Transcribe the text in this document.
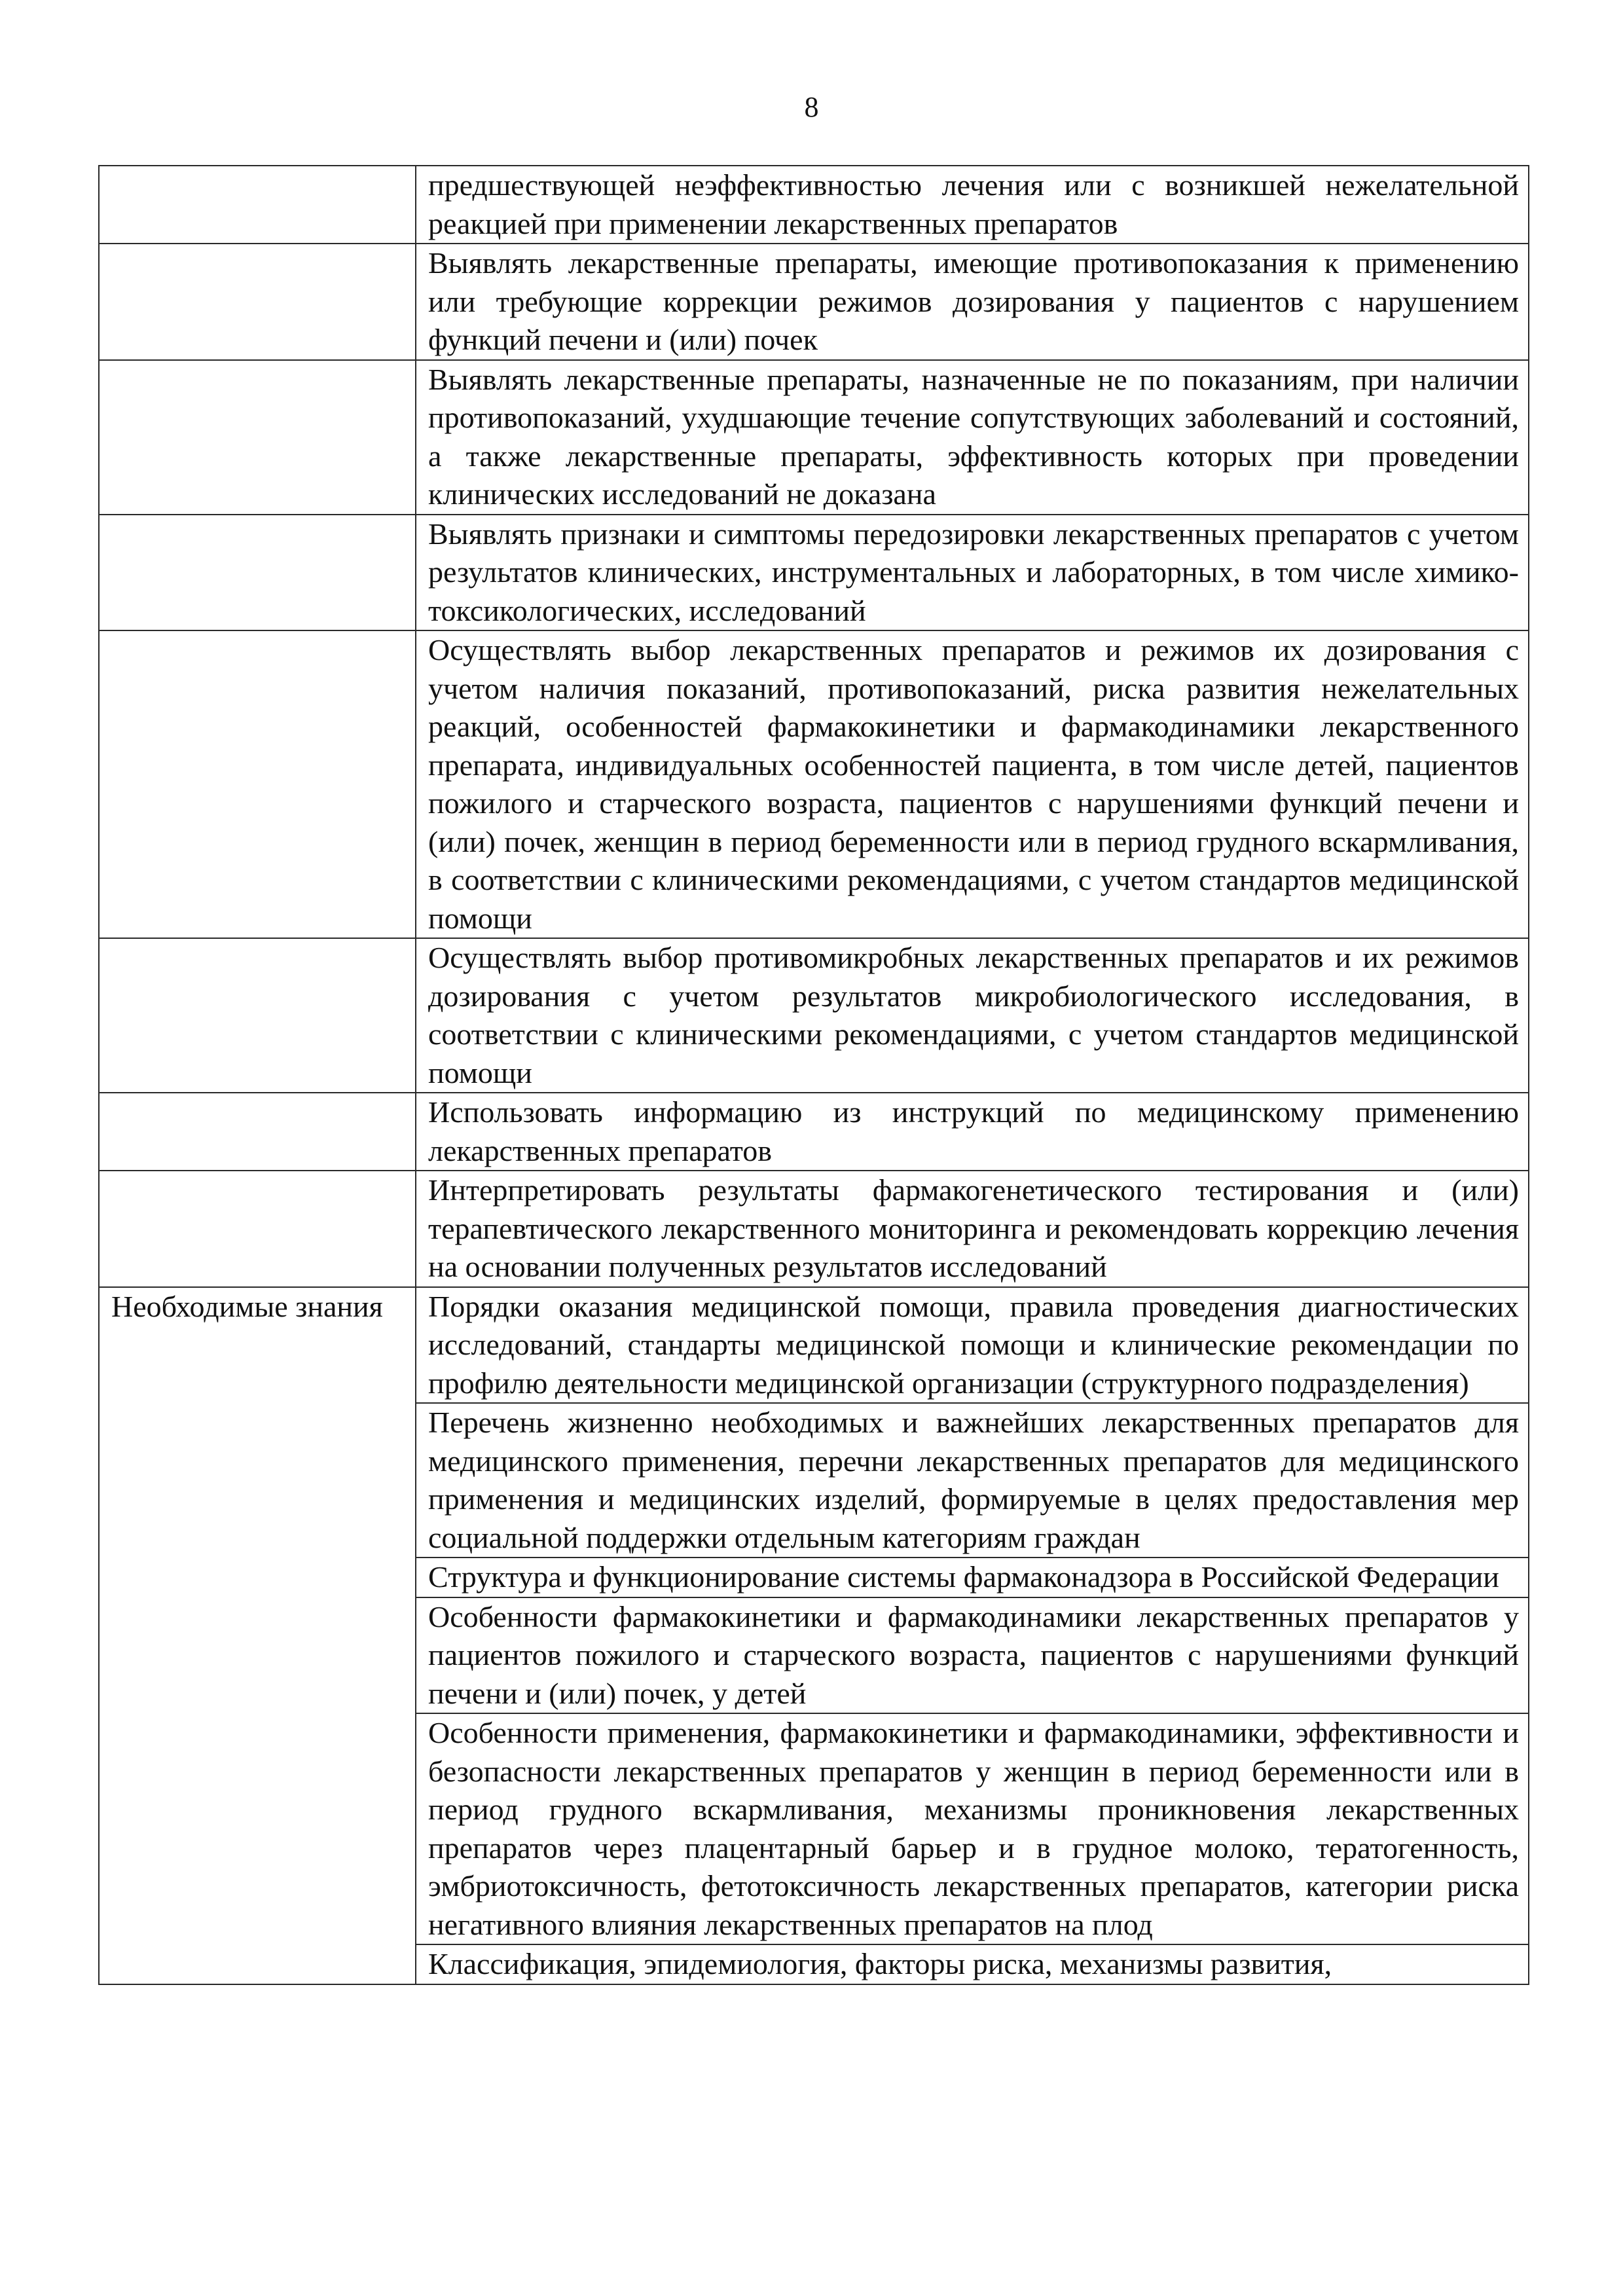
8
	предшествующей неэффективностью лечения или с возникшей нежелательной реакцией при применении лекарственных препаратов
	Выявлять лекарственные препараты, имеющие противопоказания к применению или требующие коррекции режимов дозирования у пациентов с нарушением функций печени и (или) почек
	Выявлять лекарственные препараты, назначенные не по показаниям, при наличии противопоказаний, ухудшающие течение сопутствующих заболеваний и состояний, а также лекарственные препараты, эффективность которых при проведении клинических исследований не доказана
	Выявлять признаки и симптомы передозировки лекарственных препаратов с учетом результатов клинических, инструментальных и лабораторных, в том числе химико-токсикологических, исследований
	Осуществлять выбор лекарственных препаратов и режимов их дозирования с учетом наличия показаний, противопоказаний, риска развития нежелательных реакций, особенностей фармакокинетики и фармакодинамики лекарственного препарата, индивидуальных особенностей пациента, в том числе детей, пациентов пожилого и старческого возраста, пациентов с нарушениями функций печени и (или) почек, женщин в период беременности или в период грудного вскармливания, в соответствии с клиническими рекомендациями, с учетом стандартов медицинской помощи
	Осуществлять выбор противомикробных лекарственных препаратов и их режимов дозирования с учетом результатов микробиологического исследования, в соответствии с клиническими рекомендациями, с учетом стандартов медицинской помощи
	Использовать информацию из инструкций по медицинскому применению лекарственных препаратов
	Интерпретировать результаты фармакогенетического тестирования и (или) терапевтического лекарственного мониторинга и рекомендовать коррекцию лечения на основании полученных результатов исследований
Необходимые знания	Порядки оказания медицинской помощи, правила проведения диагностических исследований, стандарты медицинской помощи и клинические рекомендации по профилю деятельности медицинской организации (структурного подразделения)
	Перечень жизненно необходимых и важнейших лекарственных препаратов для медицинского применения, перечни лекарственных препаратов для медицинского применения и медицинских изделий, формируемые в целях предоставления мер социальной поддержки отдельным категориям граждан
	Структура и функционирование системы фармаконадзора в Российской Федерации
	Особенности фармакокинетики и фармакодинамики лекарственных препаратов у пациентов пожилого и старческого возраста, пациентов с нарушениями функций печени и (или) почек, у детей
	Особенности применения, фармакокинетики и фармакодинамики, эффективности и безопасности лекарственных препаратов у женщин в период беременности или в период грудного вскармливания, механизмы проникновения лекарственных препаратов через плацентарный барьер и в грудное молоко, тератогенность, эмбриотоксичность, фетотоксичность лекарственных препаратов, категории риска негативного влияния лекарственных препаратов на плод
	Классификация, эпидемиология, факторы риска, механизмы развития,
